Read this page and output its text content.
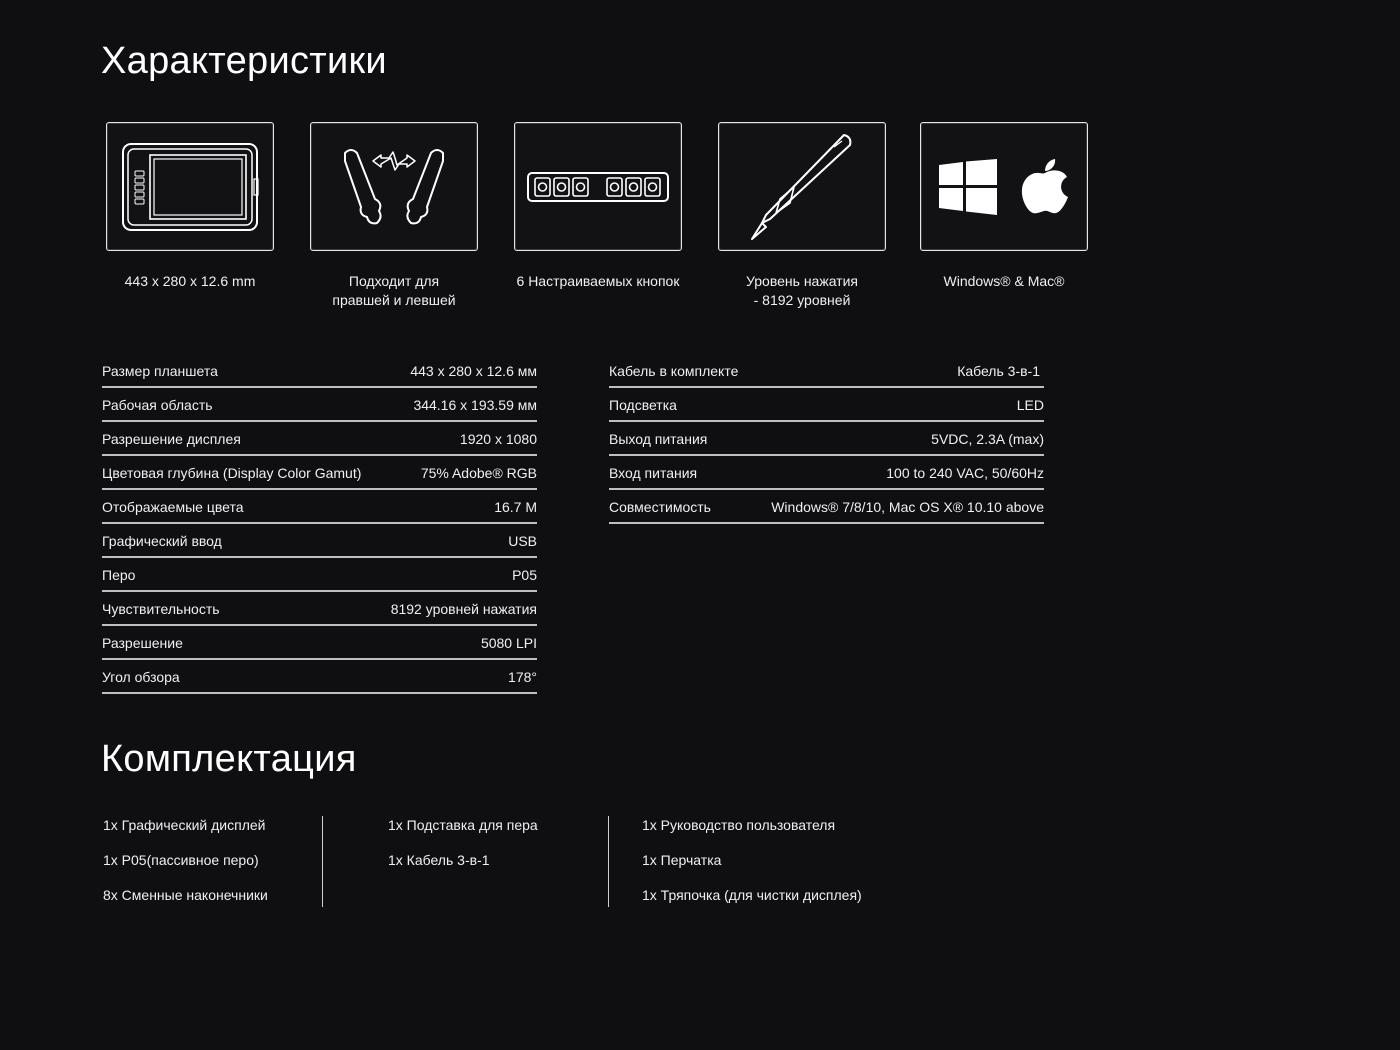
Характеристики
443 x 280 x 12.6 mm	Подходит для
правшей и левшей
6 Настраиваемых кнопок	Уровень нажатия
- 8192 уровней
Windows® & Mac®
Размер планшета	443 x 280 x 12.6 мм
Рабочая область	344.16 x 193.59 мм
Разрешение дисплея	1920 x 1080
Цветовая глубина (Display Color Gamut)	75% Adobe® RGB
Отображаемые цвета	16.7 M
Графический ввод	USB
Перо	P05
Чувствительность	8192 уровней нажатия
Разрешение	5080 LPI
Угол обзора	178°
Кабель в комплекте	Кабель 3-в-1
Подсветка	LED
Выход питания	5VDC, 2.3A (max)
Вход питания	100 to 240 VAC, 50/60Hz
Совместимость	Windows® 7/8/10, Mac OS X® 10.10 above
Комплектация
1x Графический дисплей
1x P05(пассивное перо)
8x Сменные наконечники
1x Подставка для пера
1x Кабель 3-в-1
1x Руководство пользователя
1x Перчатка
1x Тряпочка (для чистки дисплея)
